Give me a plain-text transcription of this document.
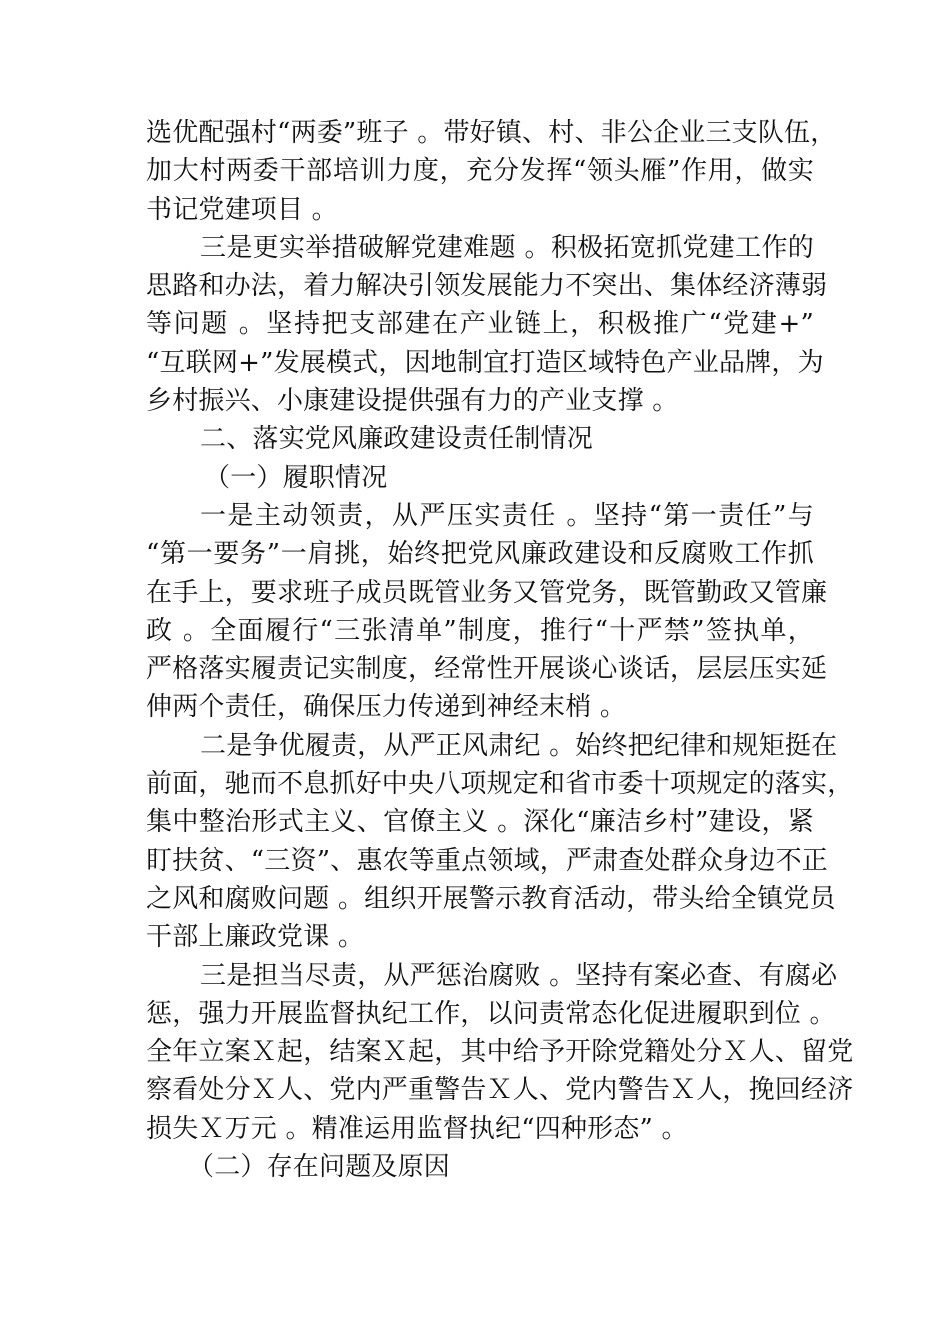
选优配强村“两委”班子 。带好镇、村、非公企业三支队伍，
加大村两委干部培训力度，充分发挥“领头雁”作用，做实
书记党建项目 。
三是更实举措破解党建难题 。积极拓宽抓党建工作的
思路和办法，着力解决引领发展能力不突出、集体经济薄弱
等问题 。坚持把支部建在产业链上，积极推广“党建+”
“互联网+”发展模式，因地制宜打造区域特色产业品牌，为
乡村振兴、小康建设提供强有力的产业支撑 。
二、落实党风廉政建设责任制情况
（一）履职情况
一是主动领责，从严压实责任 。坚持“第一责任”与
“第一要务”一肩挑，始终把党风廉政建设和反腐败工作抓
在手上，要求班子成员既管业务又管党务，既管勤政又管廉
政 。全面履行“三张清单”制度，推行“十严禁”签执单，
严格落实履责记实制度，经常性开展谈心谈话，层层压实延
伸两个责任，确保压力传递到神经末梢 。
二是争优履责，从严正风肃纪 。始终把纪律和规矩挺在
前面，驰而不息抓好中央八项规定和省市委十项规定的落实，
集中整治形式主义、官僚主义 。深化“廉洁乡村”建设，紧
盯扶贫、“三资”、惠农等重点领域，严肃查处群众身边不正
之风和腐败问题 。组织开展警示教育活动，带头给全镇党员
干部上廉政党课 。
三是担当尽责，从严惩治腐败 。坚持有案必查、有腐必
惩，强力开展监督执纪工作，以问责常态化促进履职到位 。
全年立案Ｘ起，结案Ｘ起，其中给予开除党籍处分Ｘ人、留党
察看处分Ｘ人、党内严重警告Ｘ人、党内警告Ｘ人，挽回经济
损失Ｘ万元 。精准运用监督执纪“四种形态” 。
（二）存在问题及原因
